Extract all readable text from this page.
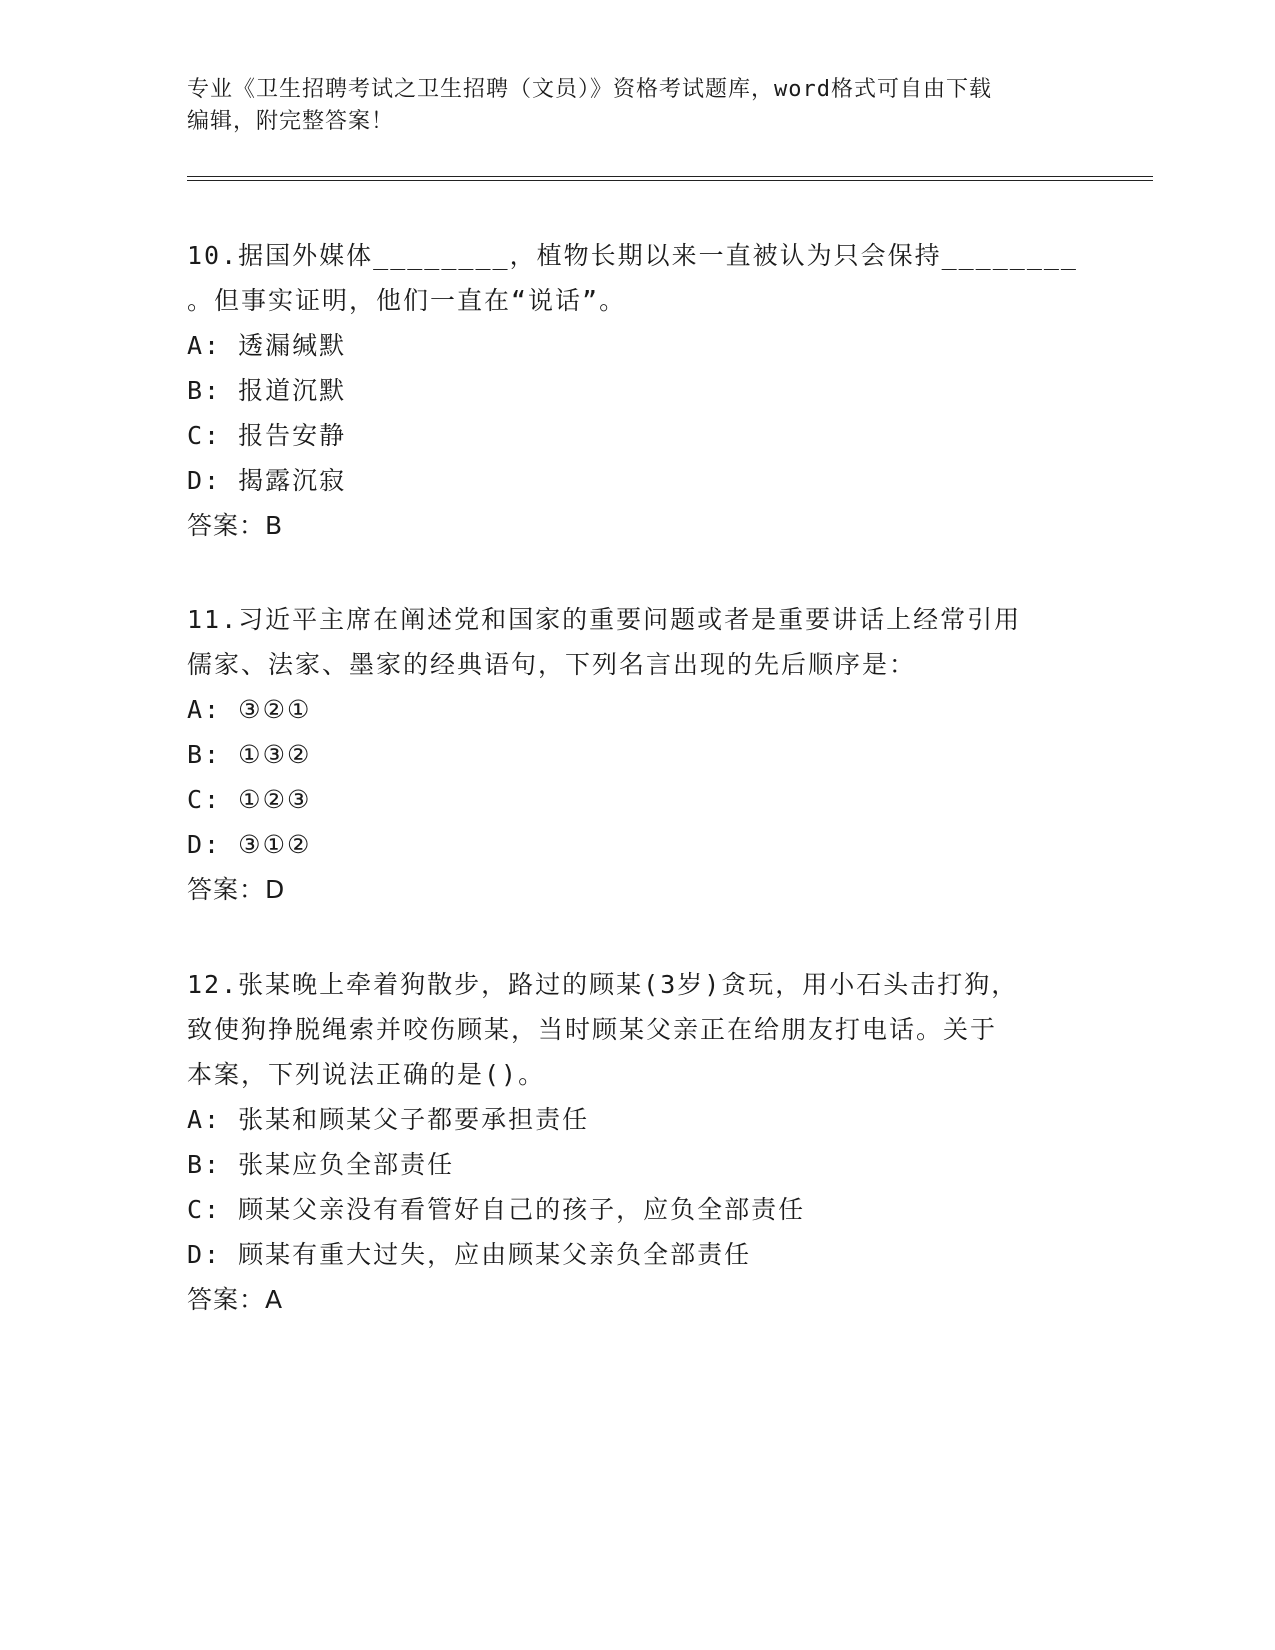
专业《卫生招聘考试之卫生招聘（文员）》资格考试题库，word格式可自由下载
编辑，附完整答案！

10.据国外媒体________，植物长期以来一直被认为只会保持________

。但事实证明，他们一直在“说话”。

A: 透漏缄默

B: 报道沉默

C: 报告安静

D: 揭露沉寂

答案：B

11.习近平主席在阐述党和国家的重要问题或者是重要讲话上经常引用

儒家、法家、墨家的经典语句，下列名言出现的先后顺序是：

A: ③②①

B: ①③②

C: ①②③

D: ③①②

答案：D

12.张某晚上牵着狗散步，路过的顾某(3岁)贪玩，用小石头击打狗，

致使狗挣脱绳索并咬伤顾某，当时顾某父亲正在给朋友打电话。关于

本案，下列说法正确的是()。

A: 张某和顾某父子都要承担责任

B: 张某应负全部责任

C: 顾某父亲没有看管好自己的孩子，应负全部责任

D: 顾某有重大过失，应由顾某父亲负全部责任

答案：A
